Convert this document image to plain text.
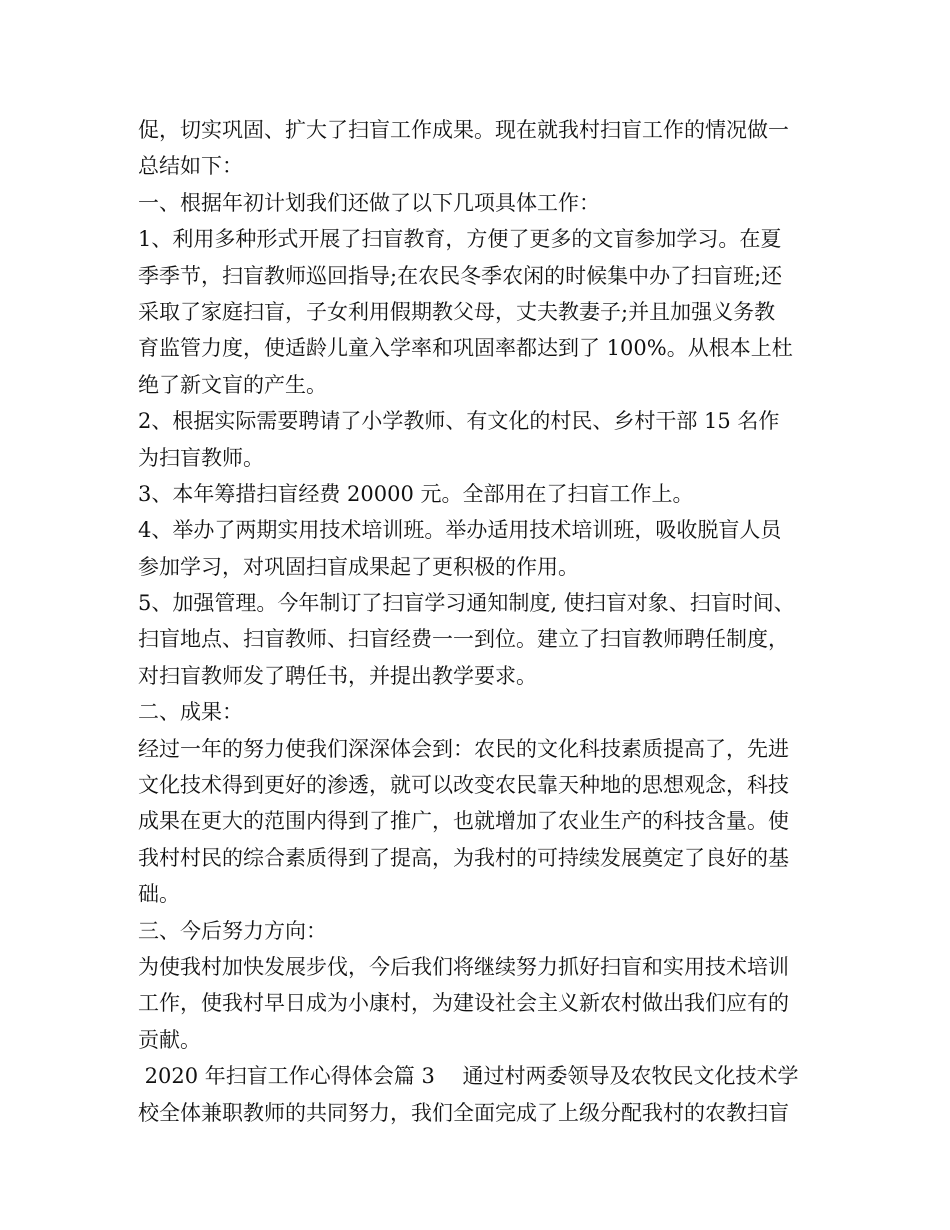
促，切实巩固、扩大了扫盲工作成果。现在就我村扫盲工作的情况做一
总结如下：
一、根据年初计划我们还做了以下几项具体工作：
1、利用多种形式开展了扫盲教育，方便了更多的文盲参加学习。在夏
季季节，扫盲教师巡回指导;在农民冬季农闲的时候集中办了扫盲班;还
采取了家庭扫盲，子女利用假期教父母，丈夫教妻子;并且加强义务教
育监管力度，使适龄儿童入学率和巩固率都达到了 100%。从根本上杜
绝了新文盲的产生。
2、根据实际需要聘请了小学教师、有文化的村民、乡村干部 15 名作
为扫盲教师。
3、本年筹措扫盲经费 20000 元。全部用在了扫盲工作上。
4、举办了两期实用技术培训班。举办适用技术培训班，吸收脱盲人员
参加学习，对巩固扫盲成果起了更积极的作用。
5、加强管理。今年制订了扫盲学习通知制度, 使扫盲对象、扫盲时间、
扫盲地点、扫盲教师、扫盲经费一一到位。建立了扫盲教师聘任制度，
对扫盲教师发了聘任书，并提出教学要求。
二、成果：
经过一年的努力使我们深深体会到：农民的文化科技素质提高了，先进
文化技术得到更好的渗透，就可以改变农民靠天种地的思想观念，科技
成果在更大的范围内得到了推广，也就增加了农业生产的科技含量。使
我村村民的综合素质得到了提高，为我村的可持续发展奠定了良好的基
础。
三、今后努力方向：
为使我村加快发展步伐，今后我们将继续努力抓好扫盲和实用技术培训
工作，使我村早日成为小康村，为建设社会主义新农村做出我们应有的
贡献。
2020 年扫盲工作心得体会篇 3　 通过村两委领导及农牧民文化技术学
校全体兼职教师的共同努力，我们全面完成了上级分配我村的农教扫盲
